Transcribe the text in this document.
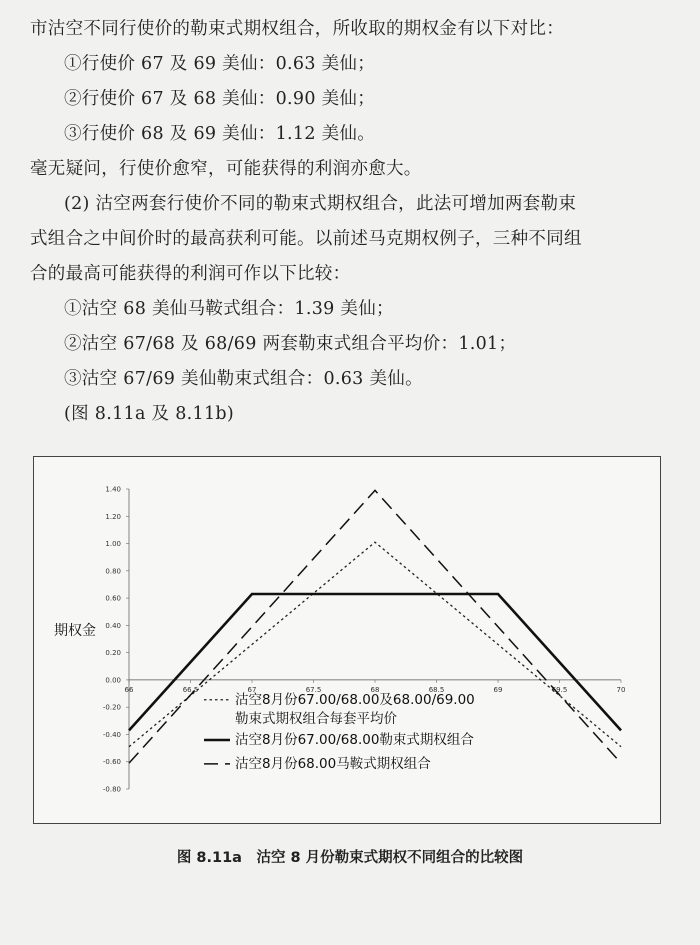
市沽空不同行使价的勒束式期权组合，所收取的期权金有以下对比：
①行使价 67 及 69 美仙：0.63 美仙；
②行使价 67 及 68 美仙：0.90 美仙；
③行使价 68 及 69 美仙：1.12 美仙。
毫无疑问，行使价愈窄，可能获得的利润亦愈大。
(2) 沽空两套行使价不同的勒束式期权组合，此法可增加两套勒束
式组合之中间价时的最高获利可能。以前述马克期权例子，三种不同组
合的最高可能获得的利润可作以下比较：
①沽空 68 美仙马鞍式组合：1.39 美仙；
②沽空 67/68 及 68/69 两套勒束式组合平均价：1.01；
③沽空 67/69 美仙勒束式组合：0.63 美仙。
(图 8.11a 及 8.11b)
1.40
1.20
1.00
0.80
0.60
0.40
0.20
0.00
-0.20
-0.40
-0.60
-0.80
66	66.5	67	67.5	68	68.5	69	69.5	70
期权金
沽空8月份67.00/68.00及68.00/69.00
勒束式期权组合每套平均价
沽空8月份67.00/68.00勒束式期权组合
沽空8月份68.00马鞍式期权组合
图 8.11a　沽空 8 月份勒束式期权不同组合的比较图
